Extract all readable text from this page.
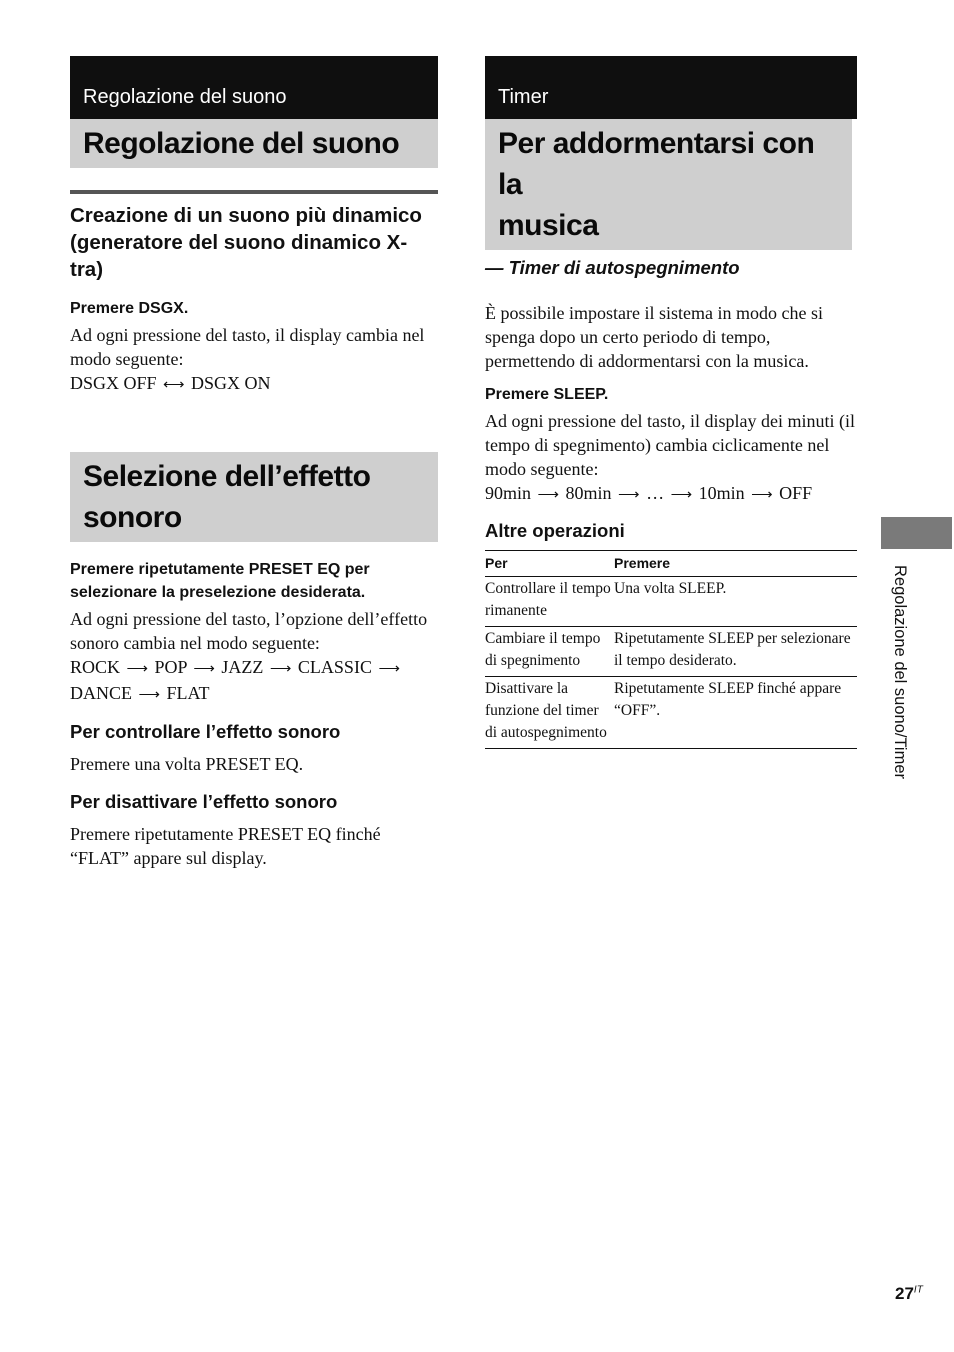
Regolazione del suono
Regolazione del suono
Creazione di un suono più dinamico (generatore del suono dinamico X-tra)
Premere DSGX.
Ad ogni pressione del tasto, il display cambia nel modo seguente:
DSGX OFF ⟷ DSGX ON
Selezione dell’effetto
sonoro
Premere ripetutamente PRESET EQ per selezionare la preselezione desiderata.
Ad ogni pressione del tasto, l’opzione dell’effetto sonoro cambia nel modo seguente:
ROCK ⟶ POP ⟶ JAZZ ⟶ CLASSIC ⟶
DANCE ⟶ FLAT
Per controllare l’effetto sonoro
Premere una volta PRESET EQ.
Per disattivare l’effetto sonoro
Premere ripetutamente PRESET EQ finché “FLAT” appare sul display.
Timer
Per addormentarsi con la
musica
— Timer di autospegnimento
È possibile impostare il sistema in modo che si spenga dopo un certo periodo di tempo, permettendo di addormentarsi con la musica.
Premere SLEEP.
Ad ogni pressione del tasto, il display dei minuti (il tempo di spegnimento) cambia ciclicamente nel modo seguente:
90min ⟶ 80min ⟶ … ⟶ 10min ⟶ OFF
Altre operazioni
Per	Premere
Controllare il tempo rimanente	Una volta SLEEP.
Cambiare il tempo di spegnimento	Ripetutamente SLEEP per selezionare il tempo desiderato.
Disattivare la funzione del timer di autospegnimento	Ripetutamente SLEEP finché appare “OFF”.	Regolazione del suono/Timer
$27^{IT}$
